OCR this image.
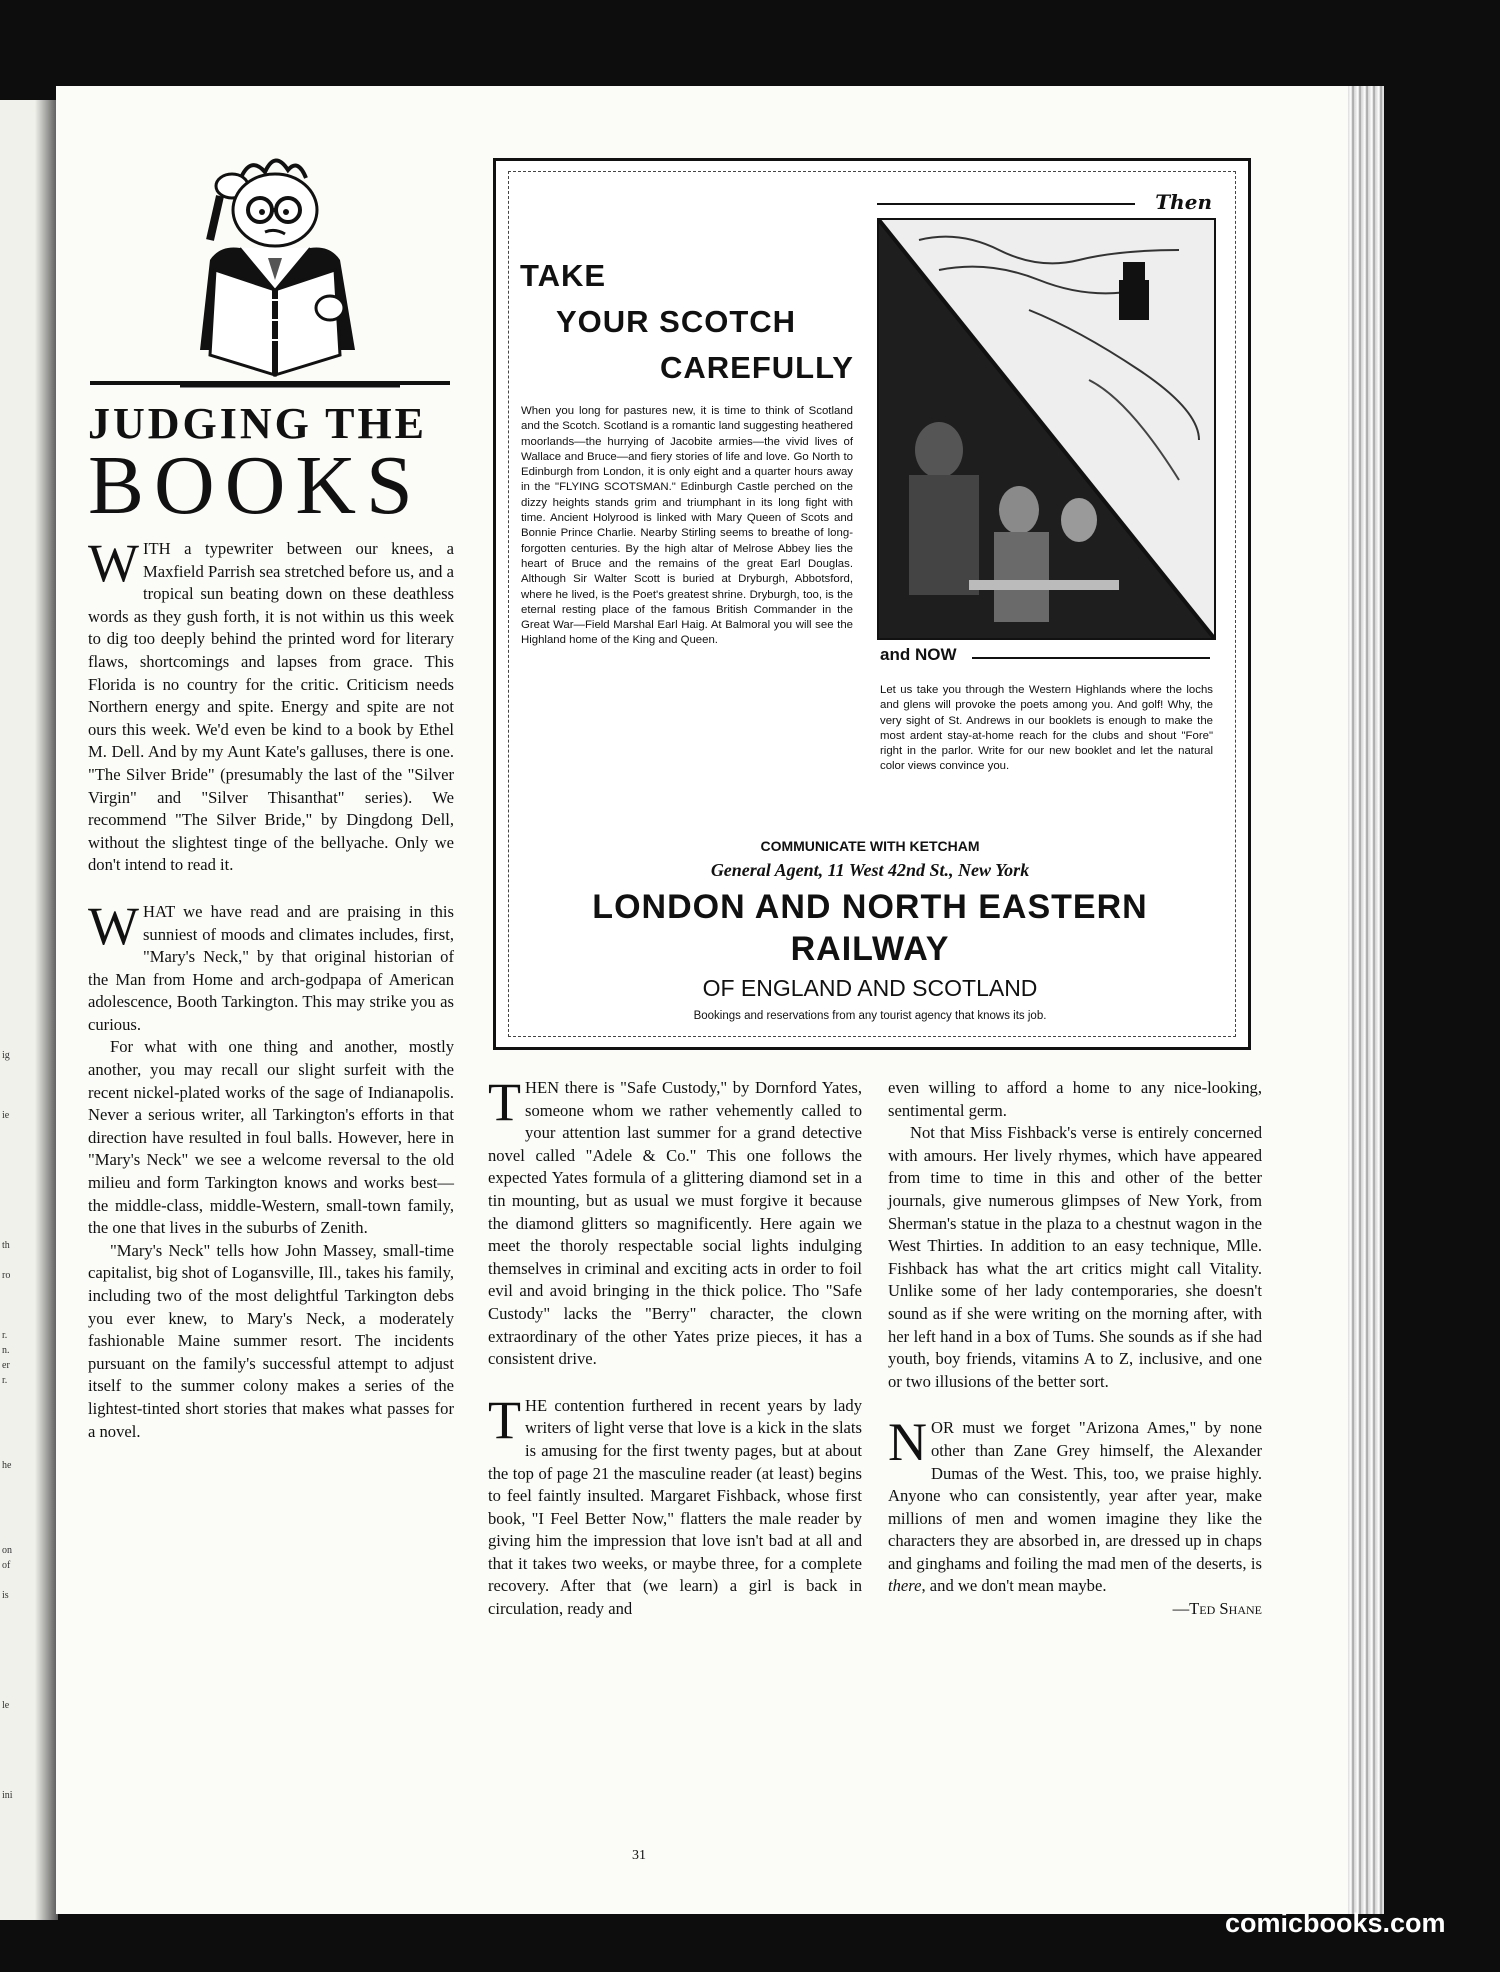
ig
ie
th
ro
r.
n.
er
r.
he
on
of
is
le
ini
JUDGING THE
BOOKS

WITH a typewriter between our knees, a Maxfield Parrish sea stretched before us, and a tropical sun beating down on these deathless words as they gush forth, it is not within us this week to dig too deeply behind the printed word for literary flaws, shortcomings and lapses from grace. This Florida is no country for the critic. Criticism needs Northern energy and spite. Energy and spite are not ours this week. We'd even be kind to a book by Ethel M. Dell. And by my Aunt Kate's galluses, there is one. "The Silver Bride" (presumably the last of the "Silver Virgin" and "Silver Thisanthat" series). We recommend "The Silver Bride," by Dingdong Dell, without the slightest tinge of the bellyache. Only we don't intend to read it.

WHAT we have read and are praising in this sunniest of moods and climates includes, first, "Mary's Neck," by that original historian of the Man from Home and arch-godpapa of American adolescence, Booth Tarkington. This may strike you as curious.

For what with one thing and another, mostly another, you may recall our slight surfeit with the recent nickel-plated works of the sage of Indianapolis. Never a serious writer, all Tarkington's efforts in that direction have resulted in foul balls. However, here in "Mary's Neck" we see a welcome reversal to the old milieu and form Tarkington knows and works best—the middle-class, middle-Western, small-town family, the one that lives in the suburbs of Zenith.

"Mary's Neck" tells how John Massey, small-time capitalist, big shot of Logansville, Ill., takes his family, including two of the most delightful Tarkington debs you ever knew, to Mary's Neck, a moderately fashionable Maine summer resort. The incidents pursuant on the family's successful attempt to adjust itself to the summer colony makes a series of the lightest-tinted short stories that makes what passes for a novel.

TAKE
YOUR SCOTCH
CAREFULLY
When you long for pastures new, it is time to think of Scotland and the Scotch. Scotland is a romantic land suggesting heathered moorlands—the hurrying of Jacobite armies—the vivid lives of Wallace and Bruce—and fiery stories of life and love. Go North to Edinburgh from London, it is only eight and a quarter hours away in the "FLYING SCOTSMAN." Edinburgh Castle perched on the dizzy heights stands grim and triumphant in its long fight with time. Ancient Holyrood is linked with Mary Queen of Scots and Bonnie Prince Charlie. Nearby Stirling seems to breathe of long-forgotten centuries. By the high altar of Melrose Abbey lies the heart of Bruce and the remains of the great Earl Douglas. Although Sir Walter Scott is buried at Dryburgh, Abbotsford, where he lived, is the Poet's greatest shrine. Dryburgh, too, is the eternal resting place of the famous British Commander in the Great War—Field Marshal Earl Haig. At Balmoral you will see the Highland home of the King and Queen.
Then
and NOW
Let us take you through the Western Highlands where the lochs and glens will provoke the poets among you. And golf! Why, the very sight of St. Andrews in our booklets is enough to make the most ardent stay-at-home reach for the clubs and shout "Fore" right in the parlor. Write for our new booklet and let the natural color views convince you.
COMMUNICATE WITH KETCHAM
General Agent, 11 West 42nd St., New York
LONDON AND NORTH EASTERN
RAILWAY
OF ENGLAND AND SCOTLAND
Bookings and reservations from any tourist agency that knows its job.

THEN there is "Safe Custody," by Dornford Yates, someone whom we rather vehemently called to your attention last summer for a grand detective novel called "Adele & Co." This one follows the expected Yates formula of a glittering diamond set in a tin mounting, but as usual we must forgive it because the diamond glitters so magnificently. Here again we meet the thoroly respectable social lights indulging themselves in criminal and exciting acts in order to foil evil and avoid bringing in the thick police. Tho "Safe Custody" lacks the "Berry" character, the clown extraordinary of the other Yates prize pieces, it has a consistent drive.

THE contention furthered in recent years by lady writers of light verse that love is a kick in the slats is amusing for the first twenty pages, but at about the top of page 21 the masculine reader (at least) begins to feel faintly insulted. Margaret Fishback, whose first book, "I Feel Better Now," flatters the male reader by giving him the impression that love isn't bad at all and that it takes two weeks, or maybe three, for a complete recovery. After that (we learn) a girl is back in circulation, ready and

even willing to afford a home to any nice-looking, sentimental germ.

Not that Miss Fishback's verse is entirely concerned with amours. Her lively rhymes, which have appeared from time to time in this and other of the better journals, give numerous glimpses of New York, from Sherman's statue in the plaza to a chestnut wagon in the West Thirties. In addition to an easy technique, Mlle. Fishback has what the art critics might call Vitality. Unlike some of her lady contemporaries, she doesn't sound as if she were writing on the morning after, with her left hand in a box of Tums. She sounds as if she had youth, boy friends, vitamins A to Z, inclusive, and one or two illusions of the better sort.

NOR must we forget "Arizona Ames," by none other than Zane Grey himself, the Alexander Dumas of the West. This, too, we praise highly. Anyone who can consistently, year after year, make millions of men and women imagine they like the characters they are absorbed in, are dressed up in chaps and ginghams and foiling the mad men of the deserts, is there, and we don't mean maybe.

—Ted Shane

31
comicbooks.com
